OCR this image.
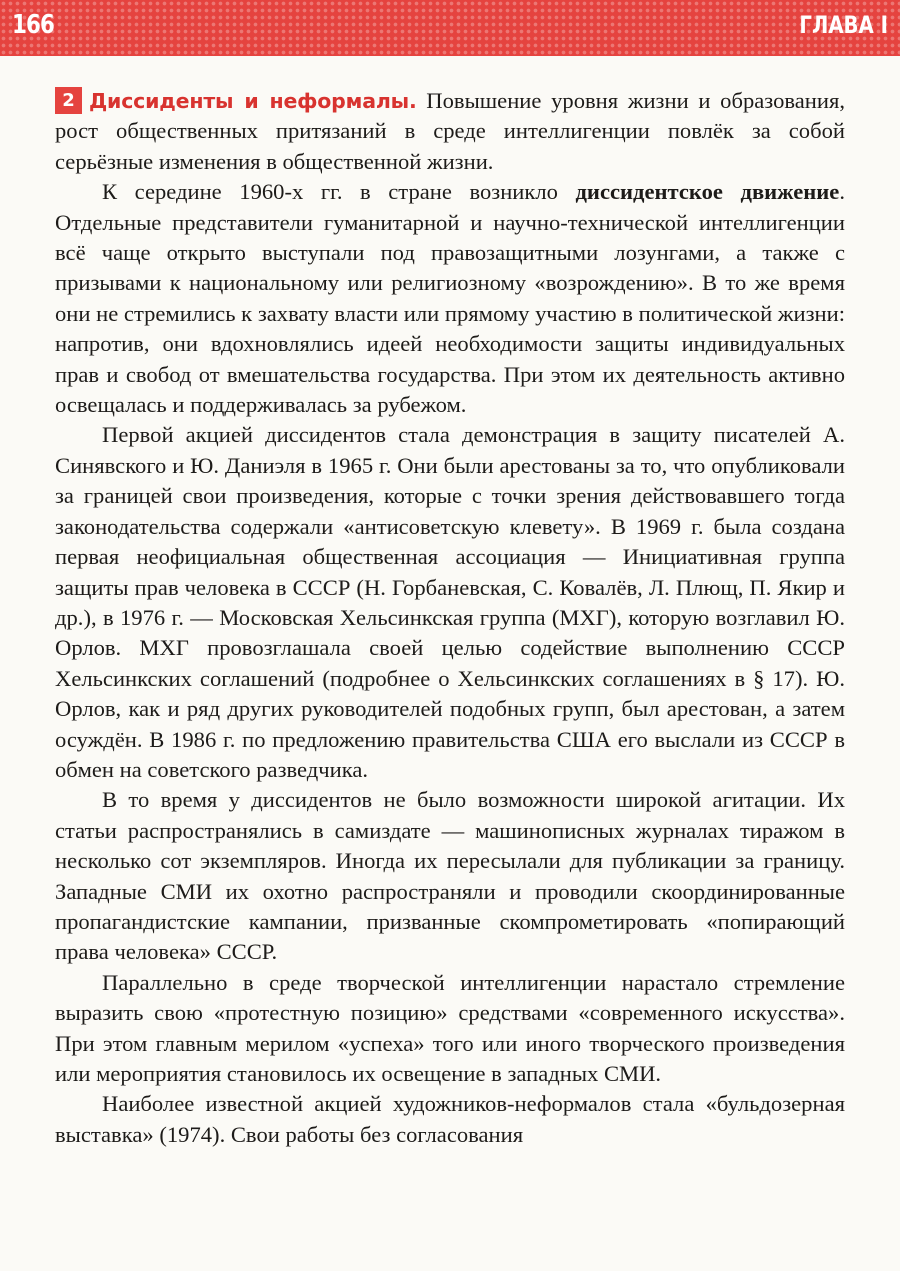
166	ГЛАВА I

2 Диссиденты и неформалы. Повышение уровня жизни и образования, рост общественных притязаний в среде интеллигенции повлёк за собой серьёзные изменения в общественной жизни.

К середине 1960-х гг. в стране возникло диссидентское движение. Отдельные представители гуманитарной и научно-технической интеллигенции всё чаще открыто выступали под правозащитными лозунгами, а также с призывами к национальному или религиозному «возрождению». В то же время они не стремились к захвату власти или прямому участию в политической жизни: напротив, они вдохновлялись идеей необходимости защиты индивидуальных прав и свобод от вмешательства государства. При этом их деятельность активно освещалась и поддерживалась за рубежом.

Первой акцией диссидентов стала демонстрация в защиту писателей А. Синявского и Ю. Даниэля в 1965 г. Они были арестованы за то, что опубликовали за границей свои произведения, которые с точки зрения действовавшего тогда законодательства содержали «антисоветскую клевету». В 1969 г. была создана первая неофициальная общественная ассоциация — Инициативная группа защиты прав человека в СССР (Н. Горбаневская, С. Ковалёв, Л. Плющ, П. Якир и др.), в 1976 г. — Московская Хельсинкская группа (МХГ), которую возглавил Ю. Орлов. МХГ провозглашала своей целью содействие выполнению СССР Хельсинкских соглашений (подробнее о Хельсинкских соглашениях в § 17). Ю. Орлов, как и ряд других руководителей подобных групп, был арестован, а затем осуждён. В 1986 г. по предложению правительства США его выслали из СССР в обмен на советского разведчика.

В то время у диссидентов не было возможности широкой агитации. Их статьи распространялись в самиздате — машинописных журналах тиражом в несколько сот экземпляров. Иногда их пересылали для публикации за границу. Западные СМИ их охотно распространяли и проводили скоординированные пропагандистские кампании, призванные скомпрометировать «попирающий права человека» СССР.

Параллельно в среде творческой интеллигенции нарастало стремление выразить свою «протестную позицию» средствами «современного искусства». При этом главным мерилом «успеха» того или иного творческого произведения или мероприятия становилось их освещение в западных СМИ.

Наиболее известной акцией художников-неформалов стала «бульдозерная выставка» (1974). Свои работы без согласования
